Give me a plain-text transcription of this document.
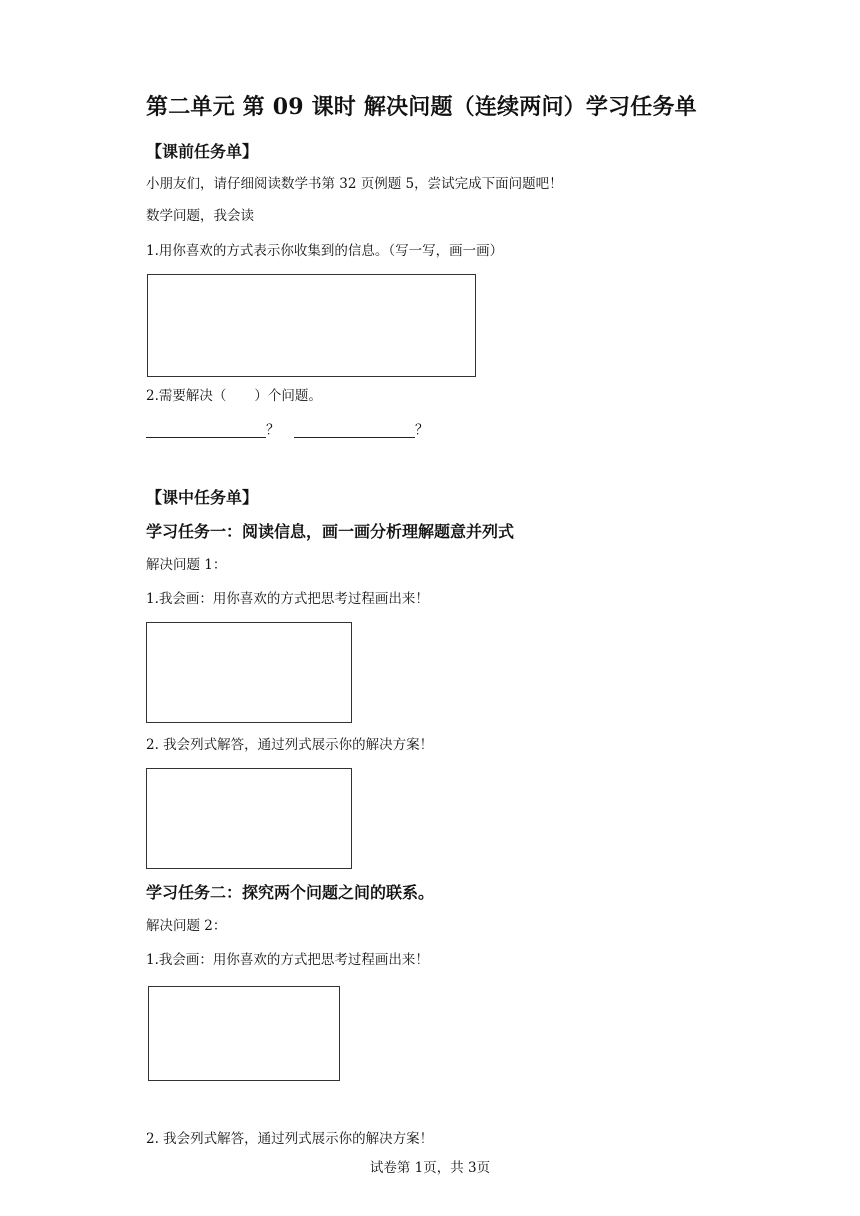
第二单元 第 09 课时 解决问题（连续两问）学习任务单
【课前任务单】
小朋友们，请仔细阅读数学书第 32 页例题 5，尝试完成下面问题吧！
数学问题，我会读
1.用你喜欢的方式表示你收集到的信息。（写一写，画一画）
2.需要解决（ ）个问题。
？	？
【课中任务单】
学习任务一：阅读信息，画一画分析理解题意并列式
解决问题 1：
1.我会画：用你喜欢的方式把思考过程画出来！
2. 我会列式解答，通过列式展示你的解决方案！
学习任务二：探究两个问题之间的联系。
解决问题 2：
1.我会画：用你喜欢的方式把思考过程画出来！
2. 我会列式解答，通过列式展示你的解决方案！
试卷第 1页，共 3页
